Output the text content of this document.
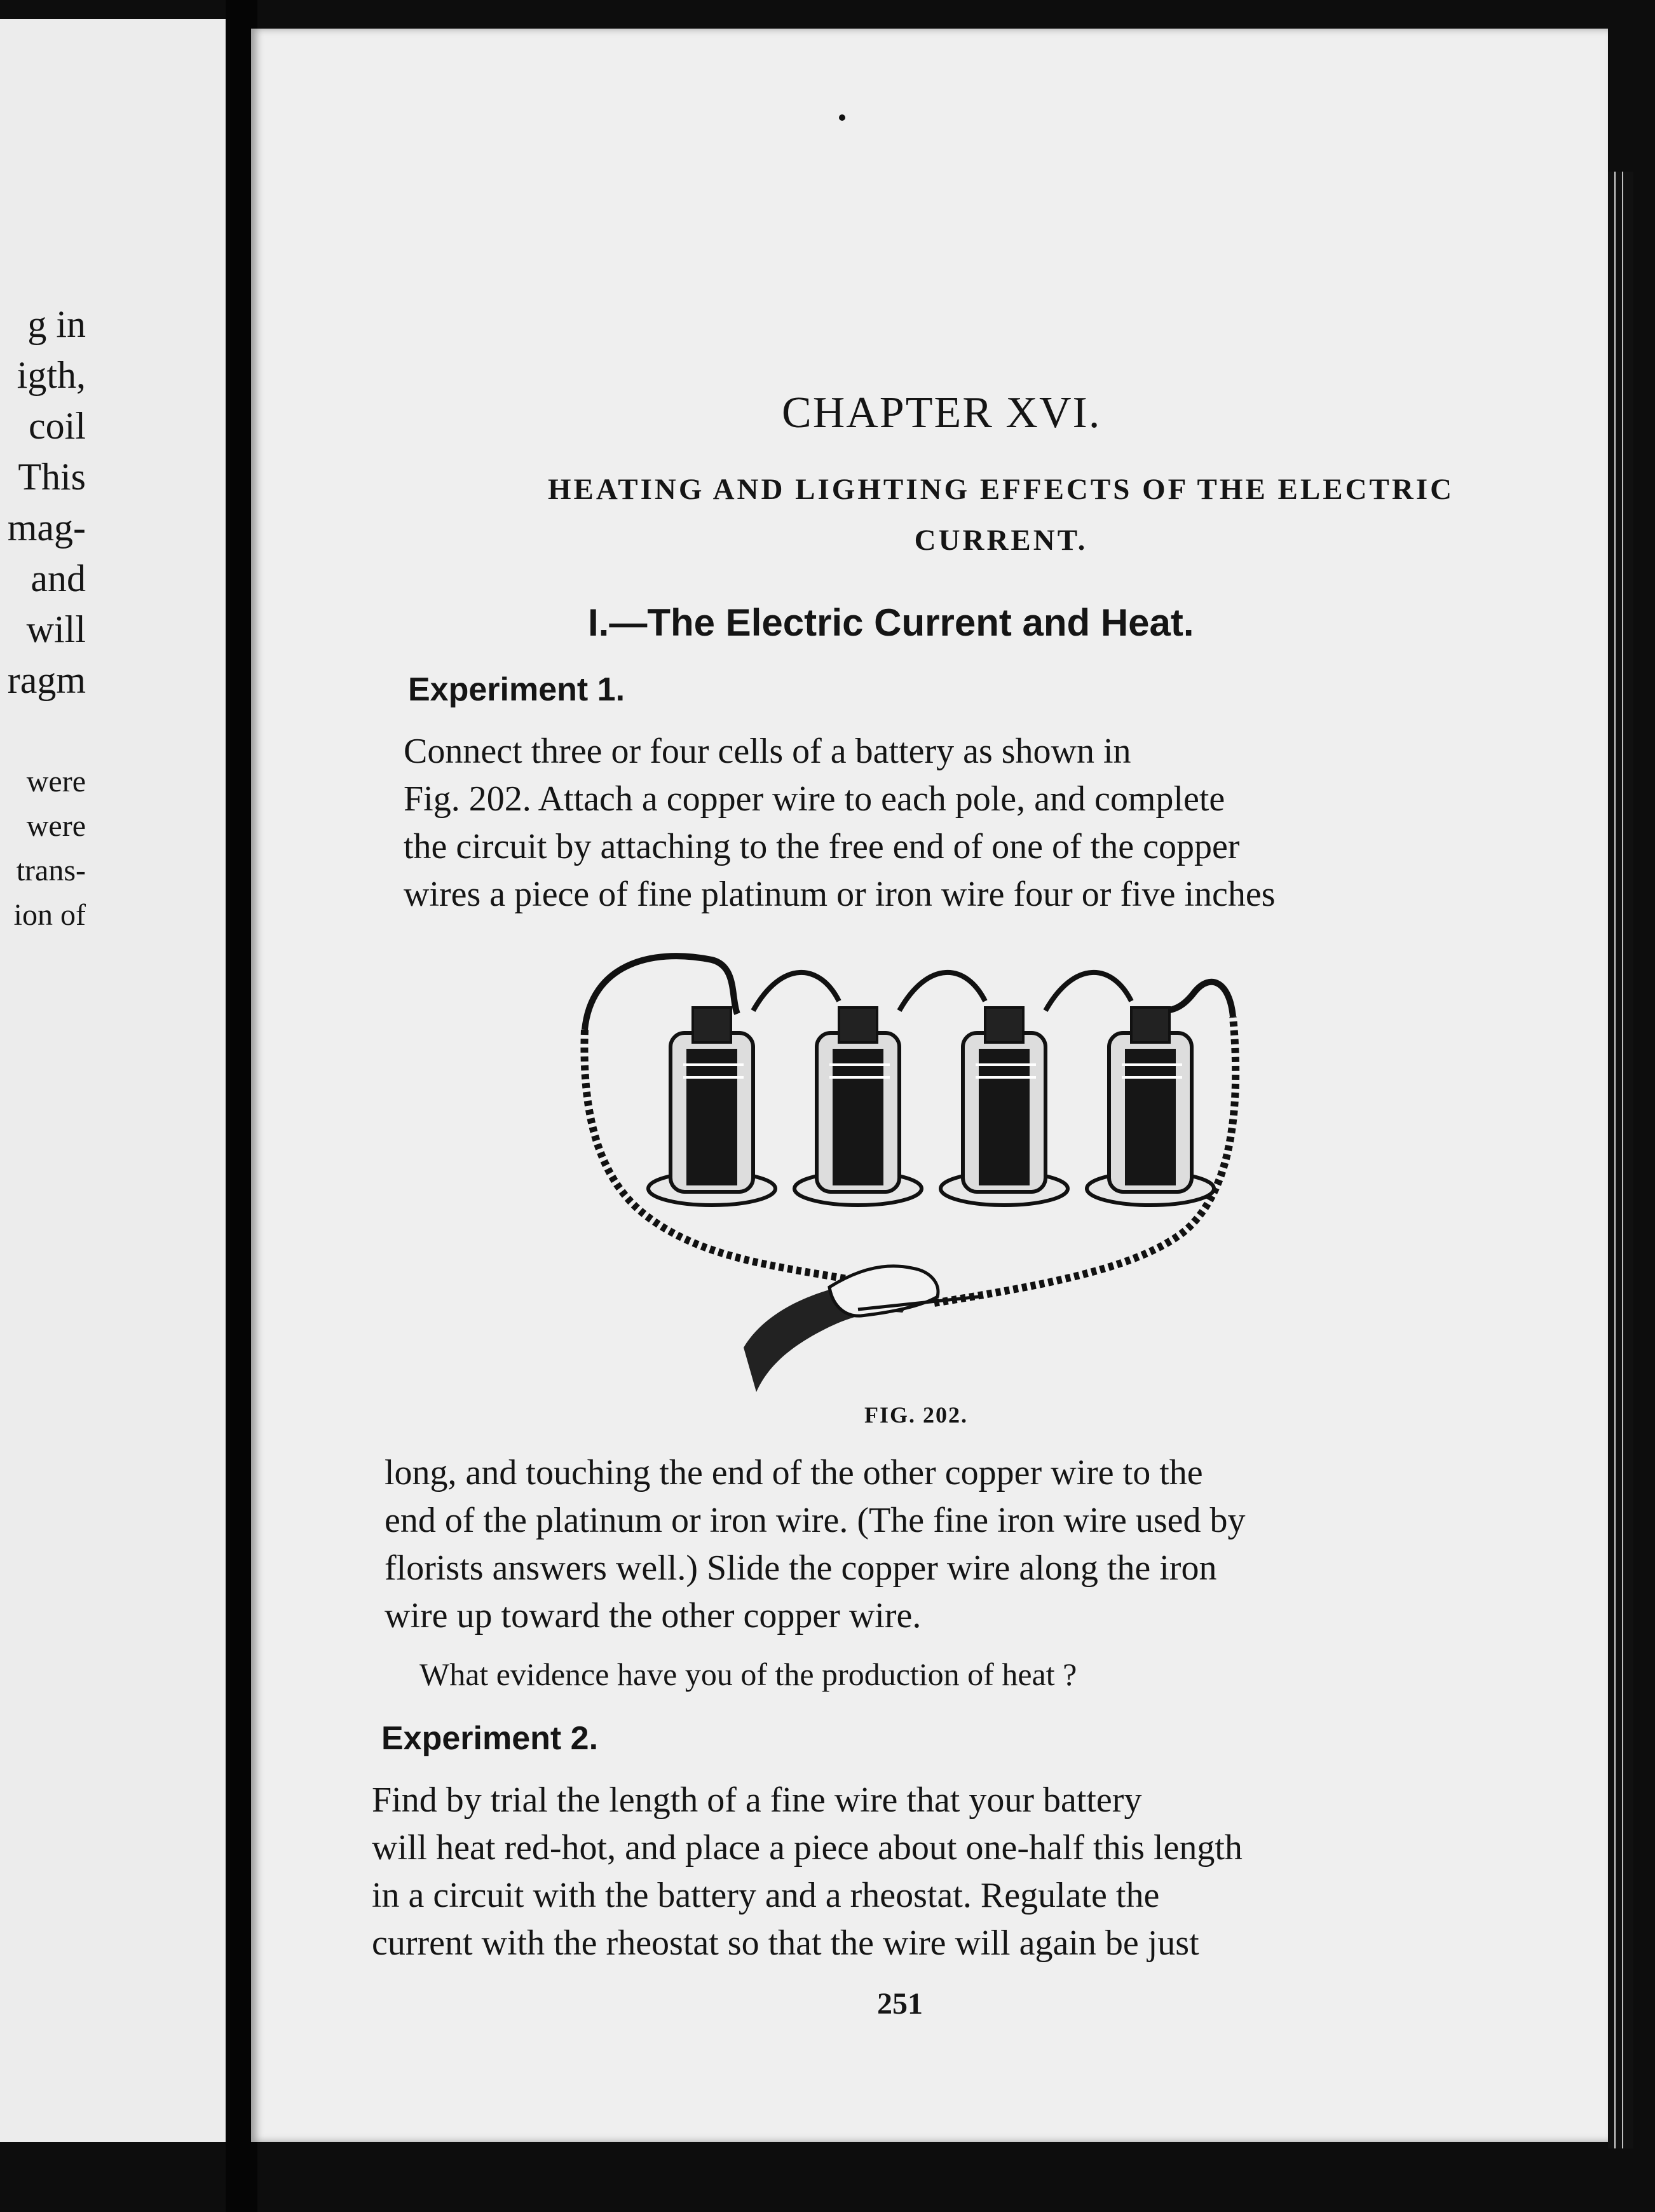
g in
igth,
coil
This
mag-
and
will
ragm
were
were
trans-
ion of
CHAPTER XVI.
HEATING AND LIGHTING EFFECTS OF THE ELECTRIC
CURRENT.
I.—The Electric Current and Heat.
Experiment 1.
Connect three or four cells of a battery as shown in
Fig. 202. Attach a copper wire to each pole, and complete
the circuit by attaching to the free end of one of the copper
wires a piece of fine platinum or iron wire four or five inches
FIG. 202.
long, and touching the end of the other copper wire to the
end of the platinum or iron wire. (The fine iron wire used by
florists answers well.) Slide the copper wire along the iron
wire up toward the other copper wire.
What evidence have you of the production of heat ?
Experiment 2.
Find by trial the length of a fine wire that your battery
will heat red-hot, and place a piece about one-half this length
in a circuit with the battery and a rheostat. Regulate the
current with the rheostat so that the wire will again be just
251
